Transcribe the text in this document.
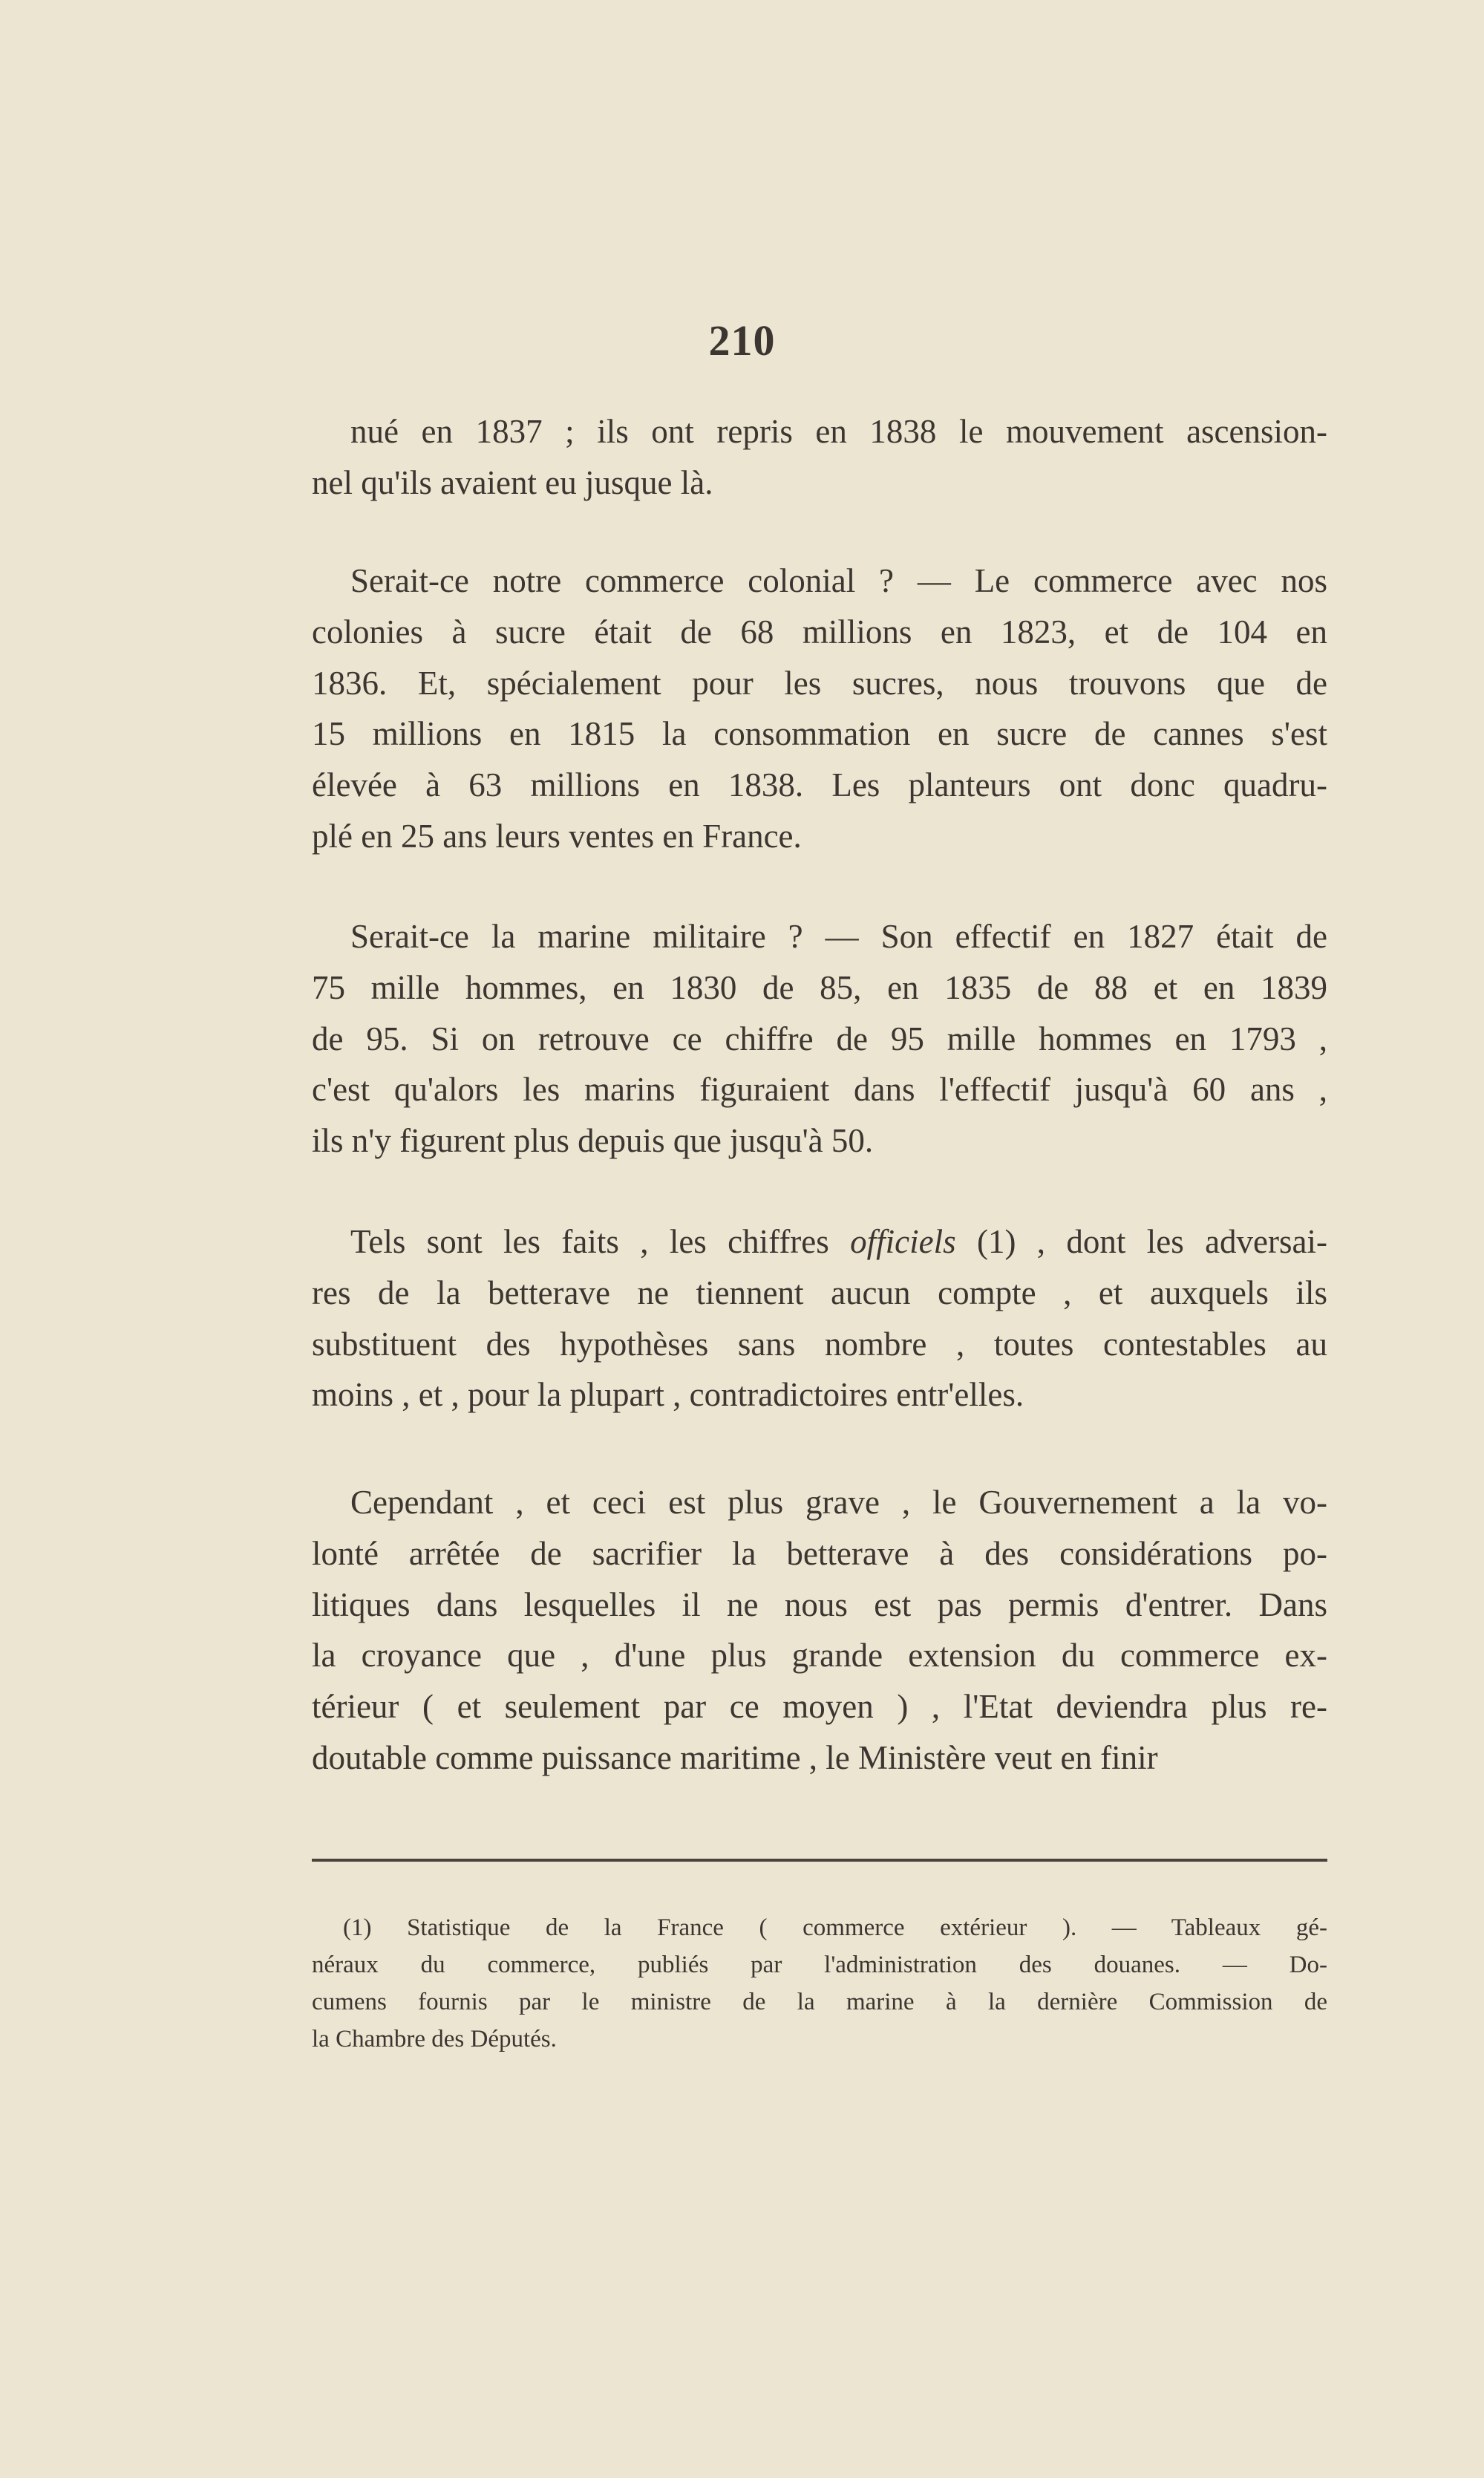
210
nué en 1837 ; ils ont repris en 1838 le mouvement ascension-
nel qu'ils avaient eu jusque là.
Serait-ce notre commerce colonial ? — Le commerce avec nos
colonies à sucre était de 68 millions en 1823, et de 104 en
1836. Et, spécialement pour les sucres, nous trouvons que de
15 millions en 1815 la consommation en sucre de cannes s'est
élevée à 63 millions en 1838. Les planteurs ont donc quadru-
plé en 25 ans leurs ventes en France.
Serait-ce la marine militaire ? — Son effectif en 1827 était de
75 mille hommes, en 1830 de 85, en 1835 de 88 et en 1839
de 95. Si on retrouve ce chiffre de 95 mille hommes en 1793 ,
c'est qu'alors les marins figuraient dans l'effectif jusqu'à 60 ans ,
ils n'y figurent plus depuis que jusqu'à 50.
Tels sont les faits , les chiffres officiels (1) , dont les adversai-
res de la betterave ne tiennent aucun compte , et auxquels ils
substituent des hypothèses sans nombre , toutes contestables au
moins , et , pour la plupart , contradictoires entr'elles.
Cependant , et ceci est plus grave , le Gouvernement a la vo-
lonté arrêtée de sacrifier la betterave à des considérations po-
litiques dans lesquelles il ne nous est pas permis d'entrer. Dans
la croyance que , d'une plus grande extension du commerce ex-
térieur ( et seulement par ce moyen ) , l'Etat deviendra plus re-
doutable comme puissance maritime , le Ministère veut en finir
(1) Statistique de la France ( commerce extérieur ). — Tableaux gé-
néraux du commerce, publiés par l'administration des douanes. — Do-
cumens fournis par le ministre de la marine à la dernière Commission de
la Chambre des Députés.
